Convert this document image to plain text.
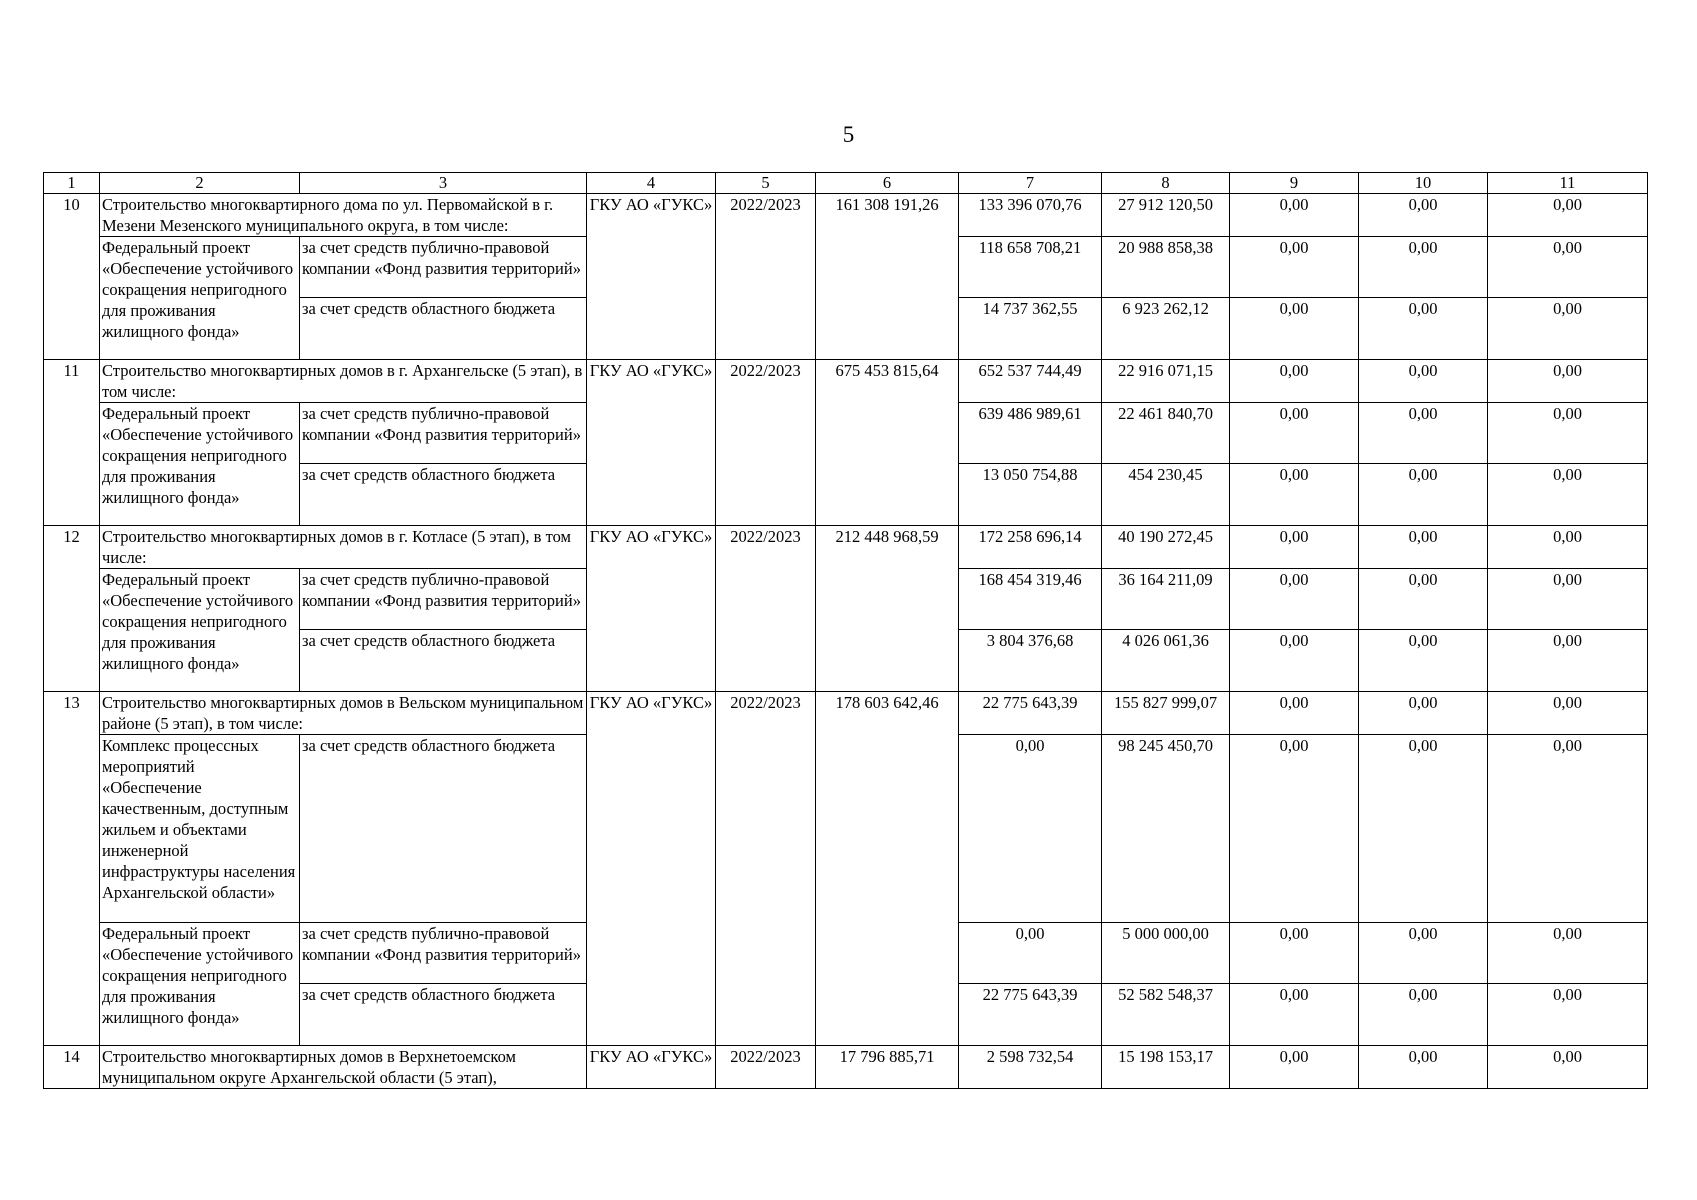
5
1	2	3	4	5	6	7	8	9	10	11
10	Строительство многоквартирного дома по ул. Первомайской в г. Мезени Мезенского муниципального округа, в том числе:		ГКУ АО «ГУКС»	2022/2023	161 308 191,26	133 396 070,76	27 912 120,50	0,00	0,00	0,00
	Федеральный проект «Обеспечение устойчивого сокращения непригодного для проживания жилищного фонда»	за счет средств публично-правовой компании «Фонд развития территорий»				118 658 708,21	20 988 858,38	0,00	0,00	0,00
		за счет средств областного бюджета				14 737 362,55	6 923 262,12	0,00	0,00	0,00
11	Строительство многоквартирных домов в г. Архангельске (5 этап), в том числе:		ГКУ АО «ГУКС»	2022/2023	675 453 815,64	652 537 744,49	22 916 071,15	0,00	0,00	0,00
	Федеральный проект «Обеспечение устойчивого сокращения непригодного для проживания жилищного фонда»	за счет средств публично-правовой компании «Фонд развития территорий»				639 486 989,61	22 461 840,70	0,00	0,00	0,00
		за счет средств областного бюджета				13 050 754,88	454 230,45	0,00	0,00	0,00
12	Строительство многоквартирных домов в г. Котласе (5 этап), в том числе:		ГКУ АО «ГУКС»	2022/2023	212 448 968,59	172 258 696,14	40 190 272,45	0,00	0,00	0,00
	Федеральный проект «Обеспечение устойчивого сокращения непригодного для проживания жилищного фонда»	за счет средств публично-правовой компании «Фонд развития территорий»				168 454 319,46	36 164 211,09	0,00	0,00	0,00
		за счет средств областного бюджета				3 804 376,68	4 026 061,36	0,00	0,00	0,00
13	Строительство многоквартирных домов в Вельском муниципальном районе (5 этап), в том числе:		ГКУ АО «ГУКС»	2022/2023	178 603 642,46	22 775 643,39	155 827 999,07	0,00	0,00	0,00
	Комплекс процессных мероприятий «Обеспечение качественным, доступным жильем и объектами инженерной инфраструктуры населения Архангельской области»	за счет средств областного бюджета				0,00	98 245 450,70	0,00	0,00	0,00
	Федеральный проект «Обеспечение устойчивого сокращения непригодного для проживания жилищного фонда»	за счет средств публично-правовой компании «Фонд развития территорий»				0,00	5 000 000,00	0,00	0,00	0,00
		за счет средств областного бюджета				22 775 643,39	52 582 548,37	0,00	0,00	0,00
14	Строительство многоквартирных домов в Верхнетоемском муниципальном округе Архангельской области (5 этап),		ГКУ АО «ГУКС»	2022/2023	17 796 885,71	2 598 732,54	15 198 153,17	0,00	0,00	0,00
